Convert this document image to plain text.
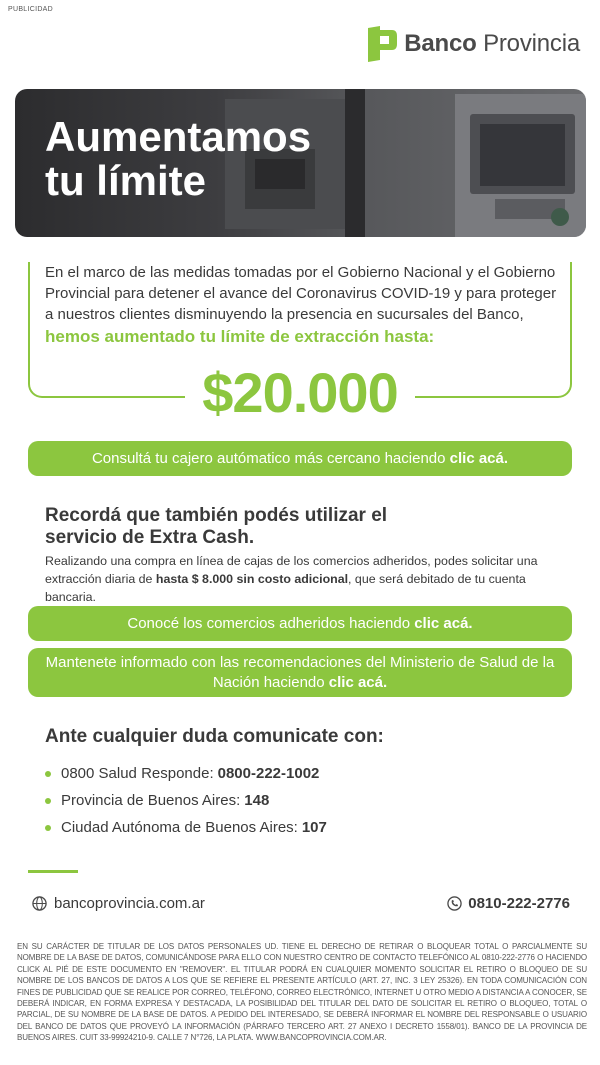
PUBLICIDAD
Banco Provincia
Aumentamos
tu límite
En el marco de las medidas tomadas por el Gobierno Nacional y el Gobierno Provincial para detener el avance del Coronavirus COVID-19 y para proteger a nuestros clientes disminuyendo la presencia en sucursales del Banco,
hemos aumentado tu límite de extracción hasta:
$20.000
Consultá tu cajero autómatico más cercano haciendo clic acá.
Recordá que también podés utilizar el servicio de Extra Cash.
Realizando una compra en línea de cajas de los comercios adheridos, podes solicitar una extracción diaria de hasta $ 8.000 sin costo adicional, que será debitado de tu cuenta bancaria.
Conocé los comercios adheridos haciendo clic acá.
Mantenete informado con las recomendaciones del Ministerio de Salud de la Nación haciendo clic acá.
Ante cualquier duda comunicate con:
0800 Salud Responde: 0800-222-1002
Provincia de Buenos Aires: 148
Ciudad Autónoma de Buenos Aires: 107
bancoprovincia.com.ar	0810-222-2776
EN SU CARÁCTER DE TITULAR DE LOS DATOS PERSONALES UD. TIENE EL DERECHO DE RETIRAR O BLOQUEAR TOTAL O PARCIALMENTE SU NOMBRE DE LA BASE DE DATOS, COMUNICÁNDOSE PARA ELLO CON NUESTRO CENTRO DE CONTACTO TELEFÓNICO AL 0810-222-2776 O HACIENDO CLICK AL PIÉ DE ESTE DOCUMENTO EN "REMOVER". EL TITULAR PODRÁ EN CUALQUIER MOMENTO SOLICITAR EL RETIRO O BLOQUEO DE SU NOMBRE DE LOS BANCOS DE DATOS A LOS QUE SE REFIERE EL PRESENTE ARTÍCULO (ART. 27, INC. 3 LEY 25326). EN TODA COMUNICACIÓN CON FINES DE PUBLICIDAD QUE SE REALICE POR CORREO, TELÉFONO, CORREO ELECTRÓNICO, INTERNET U OTRO MEDIO A DISTANCIA A CONOCER, SE DEBERÁ INDICAR, EN FORMA EXPRESA Y DESTACADA, LA POSIBILIDAD DEL TITULAR DEL DATO DE SOLICITAR EL RETIRO O BLOQUEO, TOTAL O PARCIAL, DE SU NOMBRE DE LA BASE DE DATOS. A PEDIDO DEL INTERESADO, SE DEBERÁ INFORMAR EL NOMBRE DEL RESPONSABLE O USUARIO DEL BANCO DE DATOS QUE PROVEYÓ LA INFORMACIÓN (PÁRRAFO TERCERO ART. 27 ANEXO I DECRETO 1558/01). BANCO DE LA PROVINCIA DE BUENOS AIRES. CUIT 33-99924210-9. CALLE 7 N°726, LA PLATA. WWW.BANCOPROVINCIA.COM.AR.
